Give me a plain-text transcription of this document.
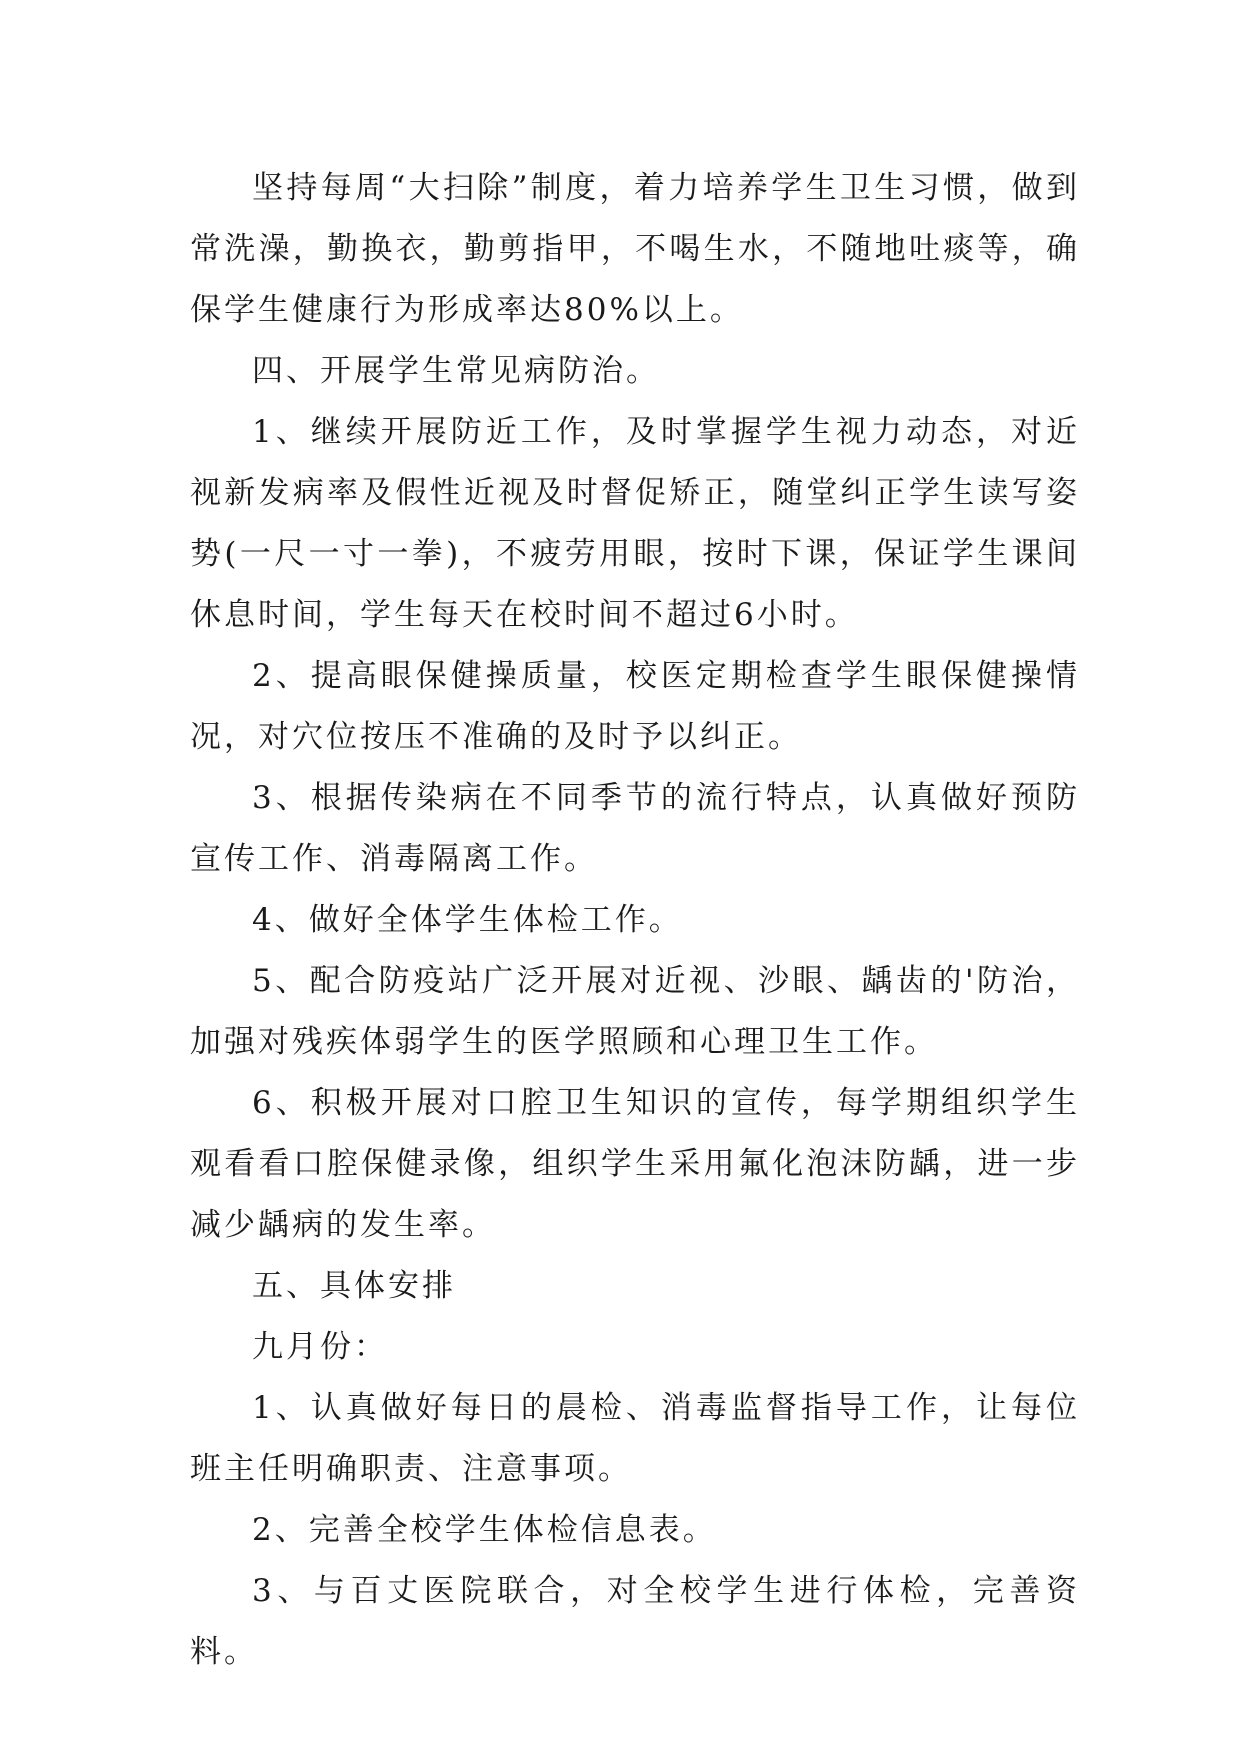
坚持每周“大扫除”制度，着力培养学生卫生习惯，做到常洗澡，勤换衣，勤剪指甲，不喝生水，不随地吐痰等，确保学生健康行为形成率达80%以上。

四、开展学生常见病防治。

1、继续开展防近工作，及时掌握学生视力动态，对近视新发病率及假性近视及时督促矫正，随堂纠正学生读写姿势(一尺一寸一拳)，不疲劳用眼，按时下课，保证学生课间休息时间，学生每天在校时间不超过6小时。

2、提高眼保健操质量，校医定期检查学生眼保健操情况，对穴位按压不准确的及时予以纠正。

3、根据传染病在不同季节的流行特点，认真做好预防宣传工作、消毒隔离工作。

4、做好全体学生体检工作。

5、配合防疫站广泛开展对近视、沙眼、龋齿的'防治，加强对残疾体弱学生的医学照顾和心理卫生工作。

6、积极开展对口腔卫生知识的宣传，每学期组织学生观看看口腔保健录像，组织学生采用氟化泡沫防龋，进一步减少龋病的发生率。

五、具体安排

九月份：

1、认真做好每日的晨检、消毒监督指导工作，让每位班主任明确职责、注意事项。

2、完善全校学生体检信息表。

3、与百丈医院联合，对全校学生进行体检，完善资料。
